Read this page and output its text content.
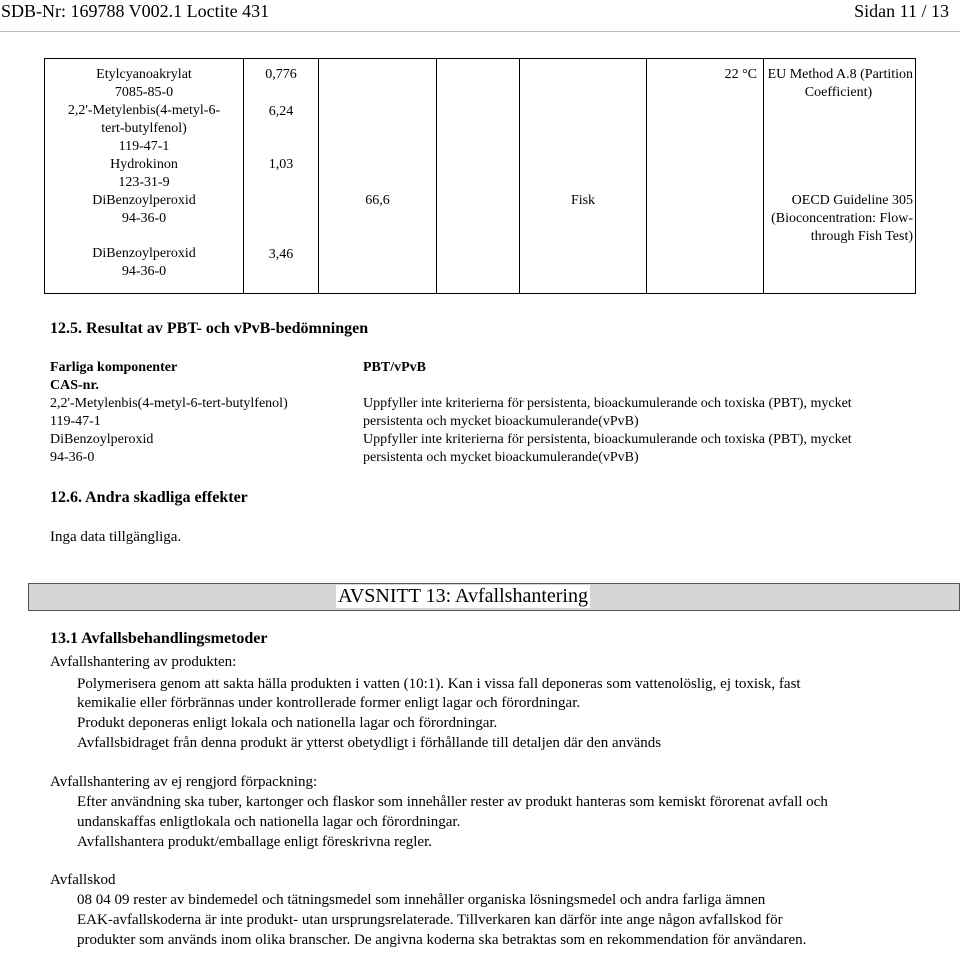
SDB-Nr: 169788 V002.1 Loctite 431	Sidan 11 / 13
Etylcyanoakrylat
7085-85-0
2,2'-Metylenbis(4-metyl-6-
tert-butylfenol)
119-47-1
Hydrokinon
123-31-9
DiBenzoylperoxid
94-36-0
DiBenzoylperoxid
94-36-0
0,776
6,24
1,03
3,46
66,6	Fisk
22 °C EU Method A.8 (Partition
Coefficient)
OECD Guideline 305
(Bioconcentration: Flow-
through Fish Test)
12.5. Resultat av PBT- och vPvB-bedömningen
Farliga komponenter
CAS-nr.
PBT/vPvB
2,2'-Metylenbis(4-metyl-6-tert-butylfenol)
119-47-1
Uppfyller inte kriterierna för persistenta, bioackumulerande och toxiska (PBT), mycket
persistenta och mycket bioackumulerande(vPvB)
DiBenzoylperoxid
94-36-0
Uppfyller inte kriterierna för persistenta, bioackumulerande och toxiska (PBT), mycket
persistenta och mycket bioackumulerande(vPvB)
12.6. Andra skadliga effekter
Inga data tillgängliga.
AVSNITT 13: Avfallshantering
13.1 Avfallsbehandlingsmetoder
Avfallshantering av produkten:
Polymerisera genom att sakta hälla produkten i vatten (10:1). Kan i vissa fall deponeras som vattenolöslig, ej toxisk, fast
kemikalie eller förbrännas under kontrollerade former enligt lagar och förordningar.
Produkt deponeras enligt lokala och nationella lagar och förordningar.
Avfallsbidraget från denna produkt är ytterst obetydligt i förhållande till detaljen där den används
Avfallshantering av ej rengjord förpackning:
Efter användning ska tuber, kartonger och flaskor som innehåller rester av produkt hanteras som kemiskt förorenat avfall och
undanskaffas enligtlokala och nationella lagar och förordningar.
Avfallshantera produkt/emballage enligt föreskrivna regler.
Avfallskod
08 04 09 rester av bindemedel och tätningsmedel som innehåller organiska lösningsmedel och andra farliga ämnen
EAK-avfallskoderna är inte produkt- utan ursprungsrelaterade. Tillverkaren kan därför inte ange någon avfallskod för
produkter som används inom olika branscher. De angivna koderna ska betraktas som en rekommendation för användaren.
